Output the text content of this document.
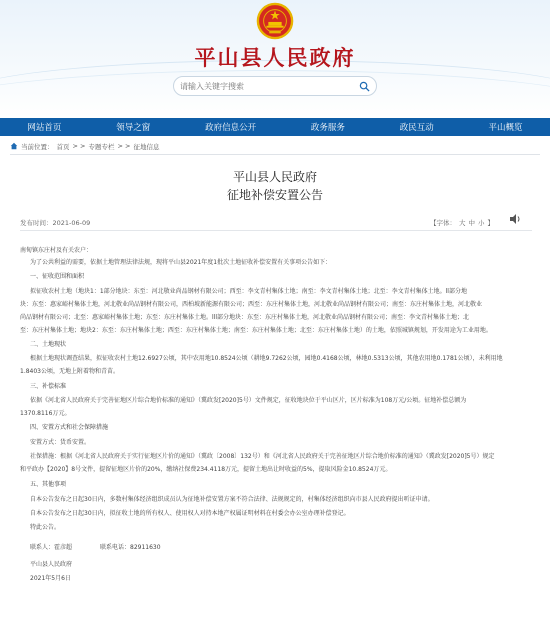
平山县人民政府
请输入关键字搜索
网站首页	领导之窗	政府信息公开	政务服务	政民互动	平山概览
当前位置： 首页 > > 专题专栏 > > 征地信息
平山县人民政府
征地补偿安置公告
发布时间：2021-06-09	【字体： 大 中 小 】
南甸镇东庄村及有关农户：
为了公共利益的需要，依据土地管理法律法规，现将平山县2021年度1批次土地征收补偿安置有关事项公告如下：
一、征收范围和面积
拟征收农村土地（地块1：1部分地块：东至：河北敬业尚品钢材有限公司；西至：李文青村集体土地；南至：李文青村集体土地；北至：李文青村集体土地。ll部分地
块：东至：惠家峪村集体土地，河北敬业尚品钢材有限公司，西柏坡新能源有限公司；西至：东庄村集体土地，河北敬业尚品钢材有限公司；南至：东庄村集体土地，河北敬业
尚品钢材有限公司；北至：惠家峪村集体土地；东至：东庄村集体土地。lll部分地块：东至：东庄村集体土地，河北敬业尚品钢材有限公司；南至：李文青村集体土地；北
至：东庄村集体土地；地块2：东至：东庄村集体土地；西至：东庄村集体土地；南至：东庄村集体土地；北至：东庄村集体土地）的土地，依照城镇规划，开发用途为工业用地。
二、土地现状
根据土地现状调查结果，拟征收农村土地12.6927公顷，其中农用地10.8524公顷（耕地9.7262公顷，园地0.4168公顷，林地0.5313公顷，其他农用地0.1781公顷），未利用地
1.8403公顷，无地上附着物和青苗。
三、补偿标准
依据《河北省人民政府关于完善征地区片综合地价标准的通知》（冀政发[2020]5号）文件规定，征收地块位于平山区片，区片标准为108万元/公顷。征地补偿总额为
1370.8116万元。
四、安置方式和社会保障措施
安置方式：货币安置。
社保措施：根据《河北省人民政府关于实行征地区片价的通知》（冀政〔2008〕132号）和《河北省人民政府关于完善征地区片综合地价标准的通知》（冀政发[2020]5号）规定
和平政办【2020】8号文件，提留征地区片价的20%，缴纳社保费234.4118万元，提留土地出让时收益的5%，提取风险金10.8524万元。
五、其他事项
自本公告发布之日起30日内，多数村集体经济组织成员认为征地补偿安置方案不符合法律、法规规定的，村集体经济组织向市县人民政府提出听证申请。
自本公告发布之日起30日内，拟征收土地的所有权人、使用权人对持本地产权属证明材料在村委会办公室办理补偿登记。
特此公告。
联系人：霍彦超	联系电话：82911630
平山县人民政府
2021年5月6日
